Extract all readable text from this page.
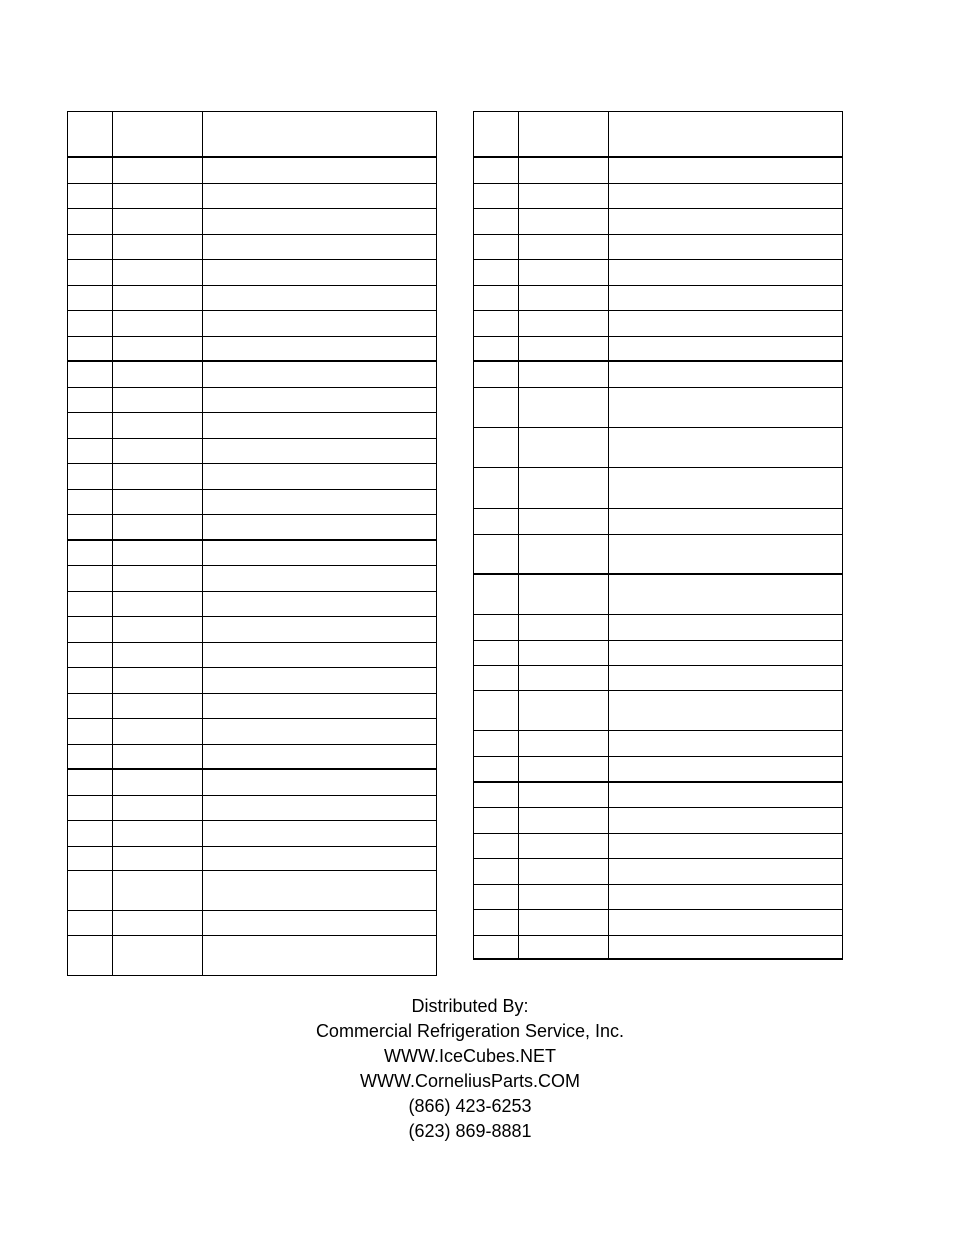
Distributed By:
Commercial Refrigeration Service, Inc.
WWW.IceCubes.NET
WWW.CorneliusParts.COM
(866) 423-6253
(623) 869-8881
